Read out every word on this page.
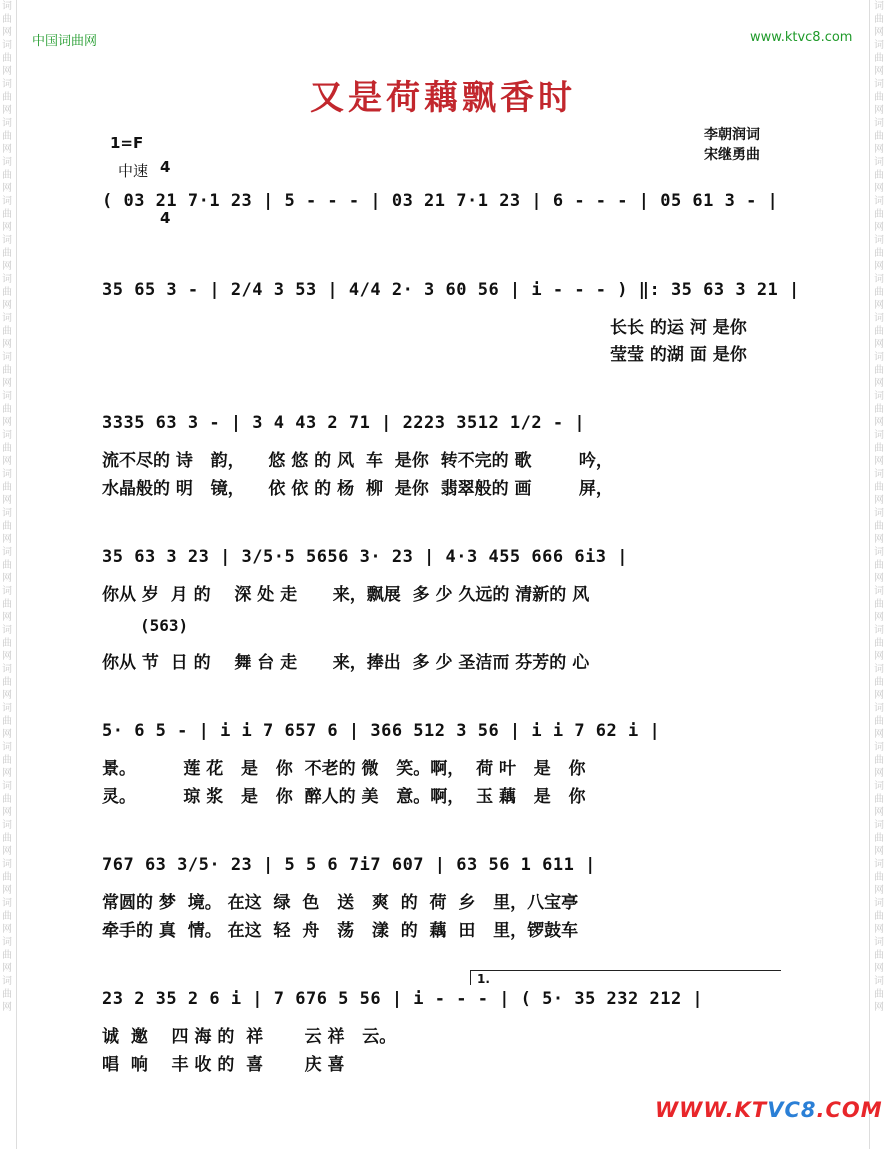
词曲网词曲网词曲网词曲网词曲网词曲网词曲网词曲网词曲网词曲网词曲网词曲网词曲网词曲网词曲网词曲网词曲网词曲网词曲网词曲网词曲网词曲网词曲网词曲网词曲网词曲网
词曲网词曲网词曲网词曲网词曲网词曲网词曲网词曲网词曲网词曲网词曲网词曲网词曲网词曲网词曲网词曲网词曲网词曲网词曲网词曲网词曲网词曲网词曲网词曲网词曲网词曲网
中国词曲网	www.ktvc8.com
又是荷藕飘香时
1=F

4

4

中速
李朝润词
宋继勇曲
( 03 21 7·1 23 | 5 - - - | 03 21 7·1 23 | 6 - - - | 05 61 3 - |
35 65 3 - | 2/4 3 53 | 4/4 2· 3 60 56 | i - - - ) ‖: 35 63 3 21 |
长长 的运 河 是你
莹莹 的湖 面 是你
3335 63 3 - | 3 4 43 2 71 | 2223 3512 1/2 - |
流不尽的 诗   韵，    悠 悠 的 风  车  是你  转不完的 歌        吟，
水晶般的 明   镜，    依 依 的 杨  柳  是你  翡翠般的 画        屏，
35 63 3 23 | 3/5·5 5656 3· 23 | 4·3 455 666 6i3 |
你从 岁  月 的    深 处 走      来，飘展  多 少 久远的 清新的 风
(563)
你从 节  日 的    舞 台 走      来，捧出  多 少 圣洁而 芬芳的 心
5· 6 5 - | i i 7 657 6 | 366 512 3 56 | i i 7 62 i |
景。        莲 花   是   你  不老的 微   笑。啊，  荷 叶   是   你
灵。        琼 浆   是   你  醉人的 美   意。啊，  玉 藕   是   你
767 63 3/5· 23 | 5 5 6 7i7 607 | 63 56 1 611 |
常圆的 梦  境。 在这  绿  色   送   爽  的  荷  乡   里，八宝亭
牵手的 真  情。 在这  轻  舟   荡   漾  的  藕  田   里，锣鼓车
1.
23 2 35 2 6 i | 7 676 5 56 | i - - - | ( 5· 35 232 212 |
诚  邀    四 海 的  祥       云 祥   云。
唱  响    丰 收 的  喜       庆 喜
WWW.KTVC8.COM
